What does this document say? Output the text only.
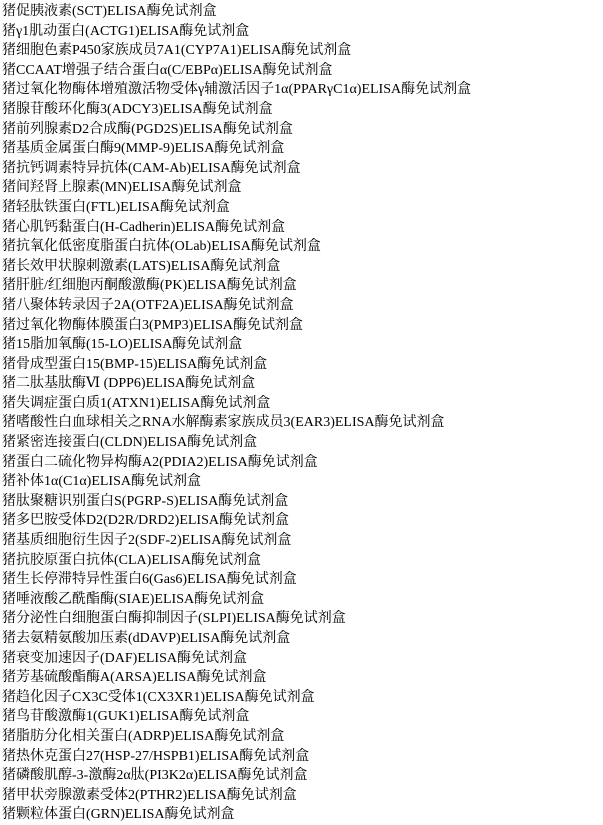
猪促胰液素(SCT)ELISA酶免试剂盒
猪γ1肌动蛋白(ACTG1)ELISA酶免试剂盒
猪细胞色素P450家族成员7A1(CYP7A1)ELISA酶免试剂盒
猪CCAAT增强子结合蛋白α(C/EBPα)ELISA酶免试剂盒
猪过氧化物酶体增殖激活物受体γ辅激活因子1α(PPARγC1α)ELISA酶免试剂盒
猪腺苷酸环化酶3(ADCY3)ELISA酶免试剂盒
猪前列腺素D2合成酶(PGD2S)ELISA酶免试剂盒
猪基质金属蛋白酶9(MMP-9)ELISA酶免试剂盒
猪抗钙调素特异抗体(CAM-Ab)ELISA酶免试剂盒
猪间羟肾上腺素(MN)ELISA酶免试剂盒
猪轻肽铁蛋白(FTL)ELISA酶免试剂盒
猪心肌钙黏蛋白(H-Cadherin)ELISA酶免试剂盒
猪抗氧化低密度脂蛋白抗体(OLab)ELISA酶免试剂盒
猪长效甲状腺刺激素(LATS)ELISA酶免试剂盒
猪肝脏/红细胞丙酮酸激酶(PK)ELISA酶免试剂盒
猪八聚体转录因子2A(OTF2A)ELISA酶免试剂盒
猪过氧化物酶体膜蛋白3(PMP3)ELISA酶免试剂盒
猪15脂加氧酶(15-LO)ELISA酶免试剂盒
猪骨成型蛋白15(BMP-15)ELISA酶免试剂盒
猪二肽基肽酶Ⅵ (DPP6)ELISA酶免试剂盒
猪失调症蛋白质1(ATXN1)ELISA酶免试剂盒
猪嗜酸性白血球相关之RNA水解酶素家族成员3(EAR3)ELISA酶免试剂盒
猪紧密连接蛋白(CLDN)ELISA酶免试剂盒
猪蛋白二硫化物异构酶A2(PDIA2)ELISA酶免试剂盒
猪补体1α(C1α)ELISA酶免试剂盒
猪肽聚糖识别蛋白S(PGRP-S)ELISA酶免试剂盒
猪多巴胺受体D2(D2R/DRD2)ELISA酶免试剂盒
猪基质细胞衍生因子2(SDF-2)ELISA酶免试剂盒
猪抗胶原蛋白抗体(CLA)ELISA酶免试剂盒
猪生长停滞特异性蛋白6(Gas6)ELISA酶免试剂盒
猪唾液酸乙酰酯酶(SIAE)ELISA酶免试剂盒
猪分泌性白细胞蛋白酶抑制因子(SLPI)ELISA酶免试剂盒
猪去氨精氨酸加压素(dDAVP)ELISA酶免试剂盒
猪衰变加速因子(DAF)ELISA酶免试剂盒
猪芳基硫酸酯酶A(ARSA)ELISA酶免试剂盒
猪趋化因子CX3C受体1(CX3XR1)ELISA酶免试剂盒
猪鸟苷酸激酶1(GUK1)ELISA酶免试剂盒
猪脂肪分化相关蛋白(ADRP)ELISA酶免试剂盒
猪热休克蛋白27(HSP-27/HSPB1)ELISA酶免试剂盒
猪磷酸肌醇-3-激酶2α肽(PI3K2α)ELISA酶免试剂盒
猪甲状旁腺激素受体2(PTHR2)ELISA酶免试剂盒
猪颗粒体蛋白(GRN)ELISA酶免试剂盒
